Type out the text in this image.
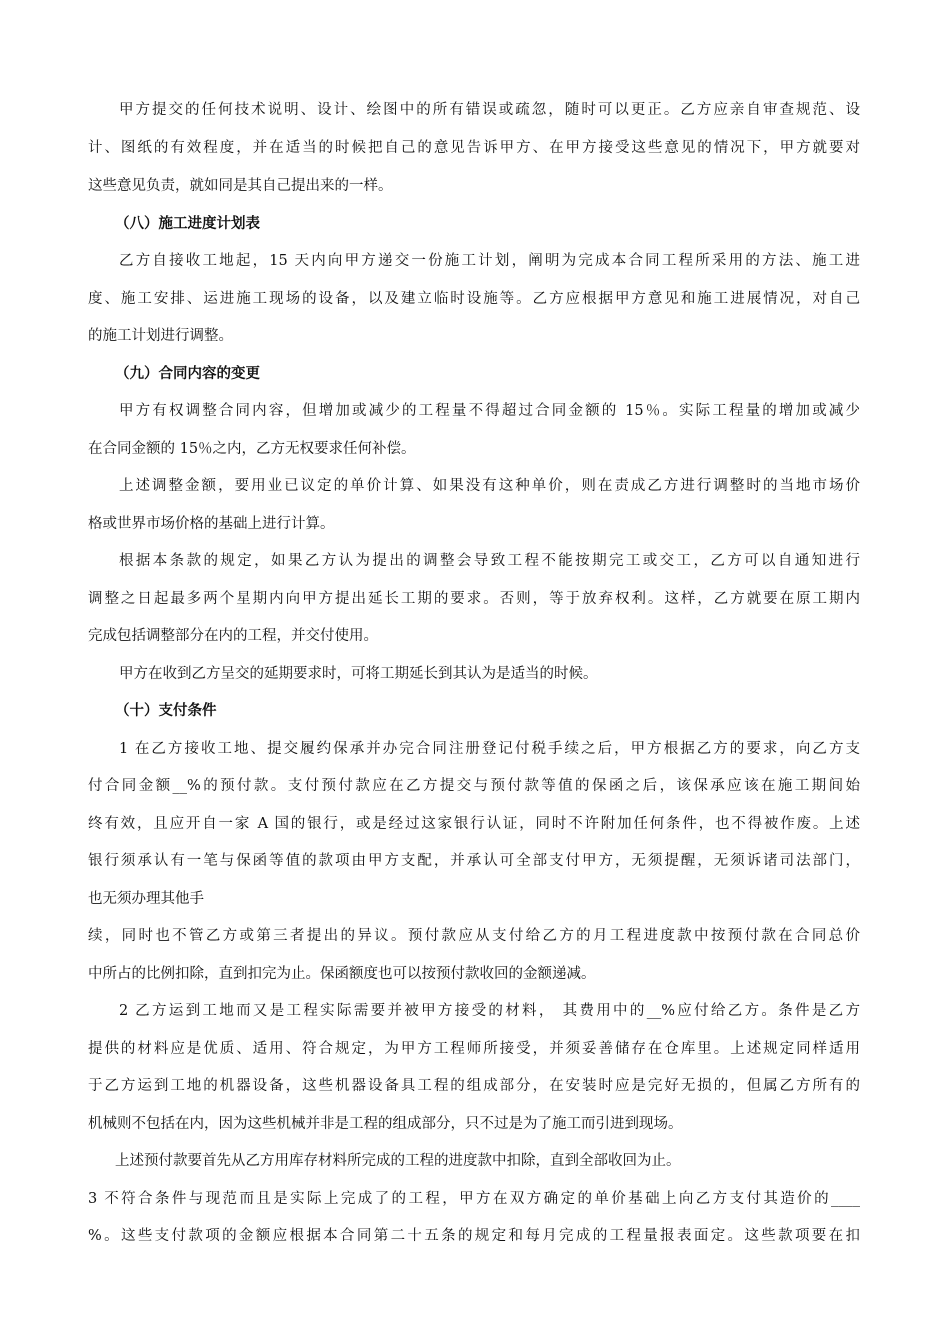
甲方提交的任何技术说明、设计、绘图中的所有错误或疏忽，随时可以更正。乙方应亲自审查规范、设
计、图纸的有效程度，并在适当的时候把自己的意见告诉甲方、在甲方接受这些意见的情况下，甲方就要对
这些意见负责，就如同是其自己提出来的一样。
（八）施工进度计划表
乙方自接收工地起，15 天内向甲方递交一份施工计划，阐明为完成本合同工程所采用的方法、施工进
度、施工安排、运进施工现场的设备，以及建立临时设施等。乙方应根据甲方意见和施工进展情况，对自己
的施工计划进行调整。
（九）合同内容的变更
甲方有权调整合同内容，但增加或减少的工程量不得超过合同金额的 15％。实际工程量的增加或减少
在合同金额的 15％之内，乙方无权要求任何补偿。
上述调整金额，要用业已议定的单价计算、如果没有这种单价，则在责成乙方进行调整时的当地市场价
格或世界市场价格的基础上进行计算。
根据本条款的规定，如果乙方认为提出的调整会导致工程不能按期完工或交工，乙方可以自通知进行
调整之日起最多两个星期内向甲方提出延长工期的要求。否则，等于放弃权利。这样，乙方就要在原工期内
完成包括调整部分在内的工程，并交付使用。
甲方在收到乙方呈交的延期要求时，可将工期延长到其认为是适当的时候。
（十）支付条件
1 在乙方接收工地、提交履约保承并办完合同注册登记付税手续之后，甲方根据乙方的要求，向乙方支
付合同金额__%的预付款。支付预付款应在乙方提交与预付款等值的保函之后，该保承应该在施工期间始
终有效，且应开自一家 A 国的银行，或是经过这家银行认证，同时不许附加任何条件，也不得被作废。上述
银行须承认有一笔与保函等值的款项由甲方支配，并承认可全部支付甲方，无须提醒，无须诉诸司法部门，
也无须办理其他手
续，同时也不管乙方或第三者提出的异议。预付款应从支付给乙方的月工程进度款中按预付款在合同总价
中所占的比例扣除，直到扣完为止。保函额度也可以按预付款收回的金额递减。
2 乙方运到工地而又是工程实际需要并被甲方接受的材料， 其费用中的__%应付给乙方。条件是乙方
提供的材料应是优质、适用、符合规定，为甲方工程师所接受，并须妥善储存在仓库里。上述规定同样适用
于乙方运到工地的机器设备，这些机器设备具工程的组成部分，在安装时应是完好无损的，但属乙方所有的
机械则不包括在内，因为这些机械并非是工程的组成部分，只不过是为了施工而引进到现场。
上述预付款要首先从乙方用库存材料所完成的工程的进度款中扣除，直到全部收回为止。
3 不符合条件与现范而且是实际上完成了的工程，甲方在双方确定的单价基础上向乙方支付其造价的____
%。这些支付款项的金额应根据本合同第二十五条的规定和每月完成的工程量报表面定。这些款项要在扣
